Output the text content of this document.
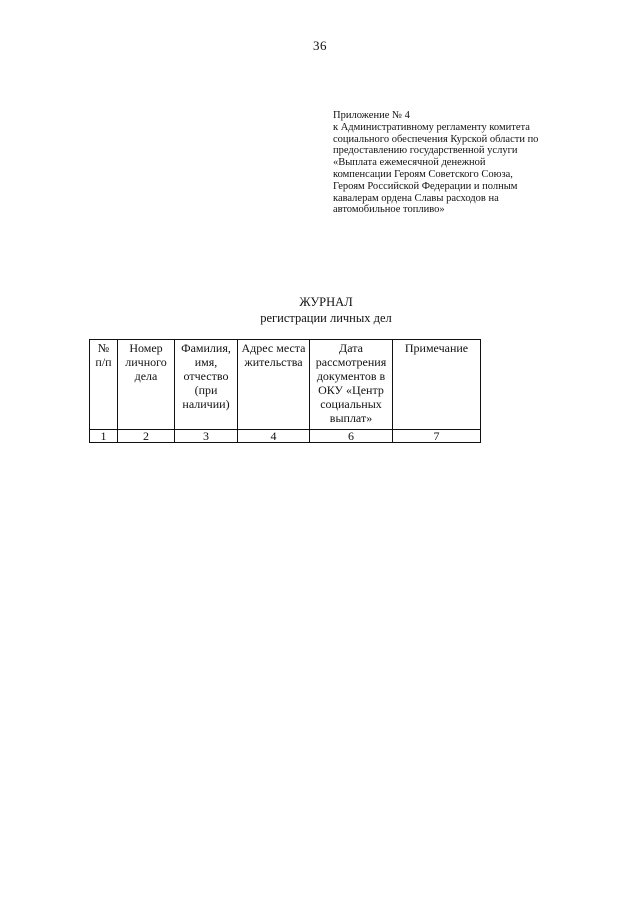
36
Приложение № 4
к Административному регламенту комитета
социального обеспечения Курской области по
предоставлению государственной услуги
«Выплата ежемесячной денежной
компенсации Героям Советского Союза,
Героям Российской Федерации и полным
кавалерам ордена Славы расходов на
автомобильное топливо»
ЖУРНАЛ
регистрации личных дел
№ п/п	Номер личного дела	Фамилия, имя, отчество (при наличии)	Адрес места жительства	Дата рассмотрения документов в ОКУ «Центр социальных выплат»	Примечание
1	2	3	4	6	7
